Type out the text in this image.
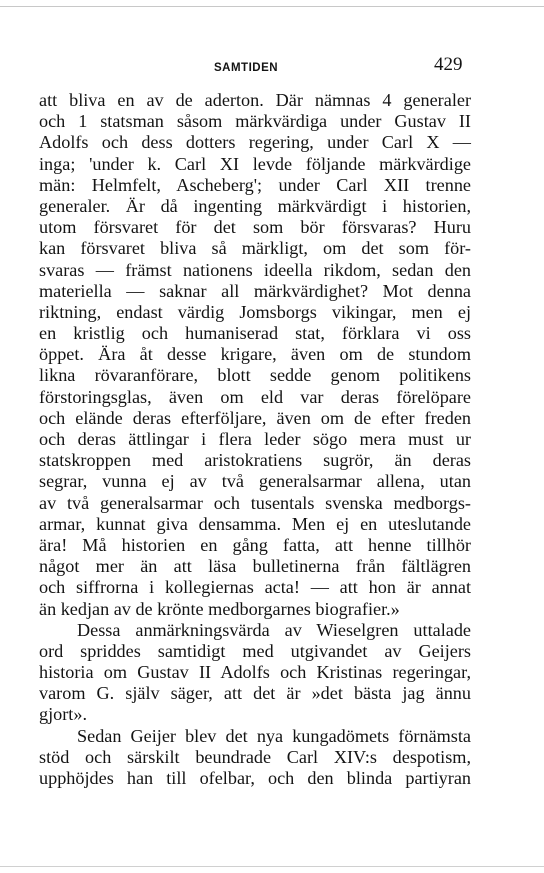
SAMTIDEN	429
att bliva en av de aderton. Där nämnas 4 generaler
och 1 statsman såsom märkvärdiga under Gustav II
Adolfs och dess dotters regering, under Carl X —
inga; 'under k. Carl XI levde följande märkvärdige
män: Helmfelt, Ascheberg'; under Carl XII trenne
generaler. Är då ingenting märkvärdigt i historien,
utom försvaret för det som bör försvaras? Huru
kan försvaret bliva så märkligt, om det som för-
svaras — främst nationens ideella rikdom, sedan den
materiella — saknar all märkvärdighet? Mot denna
riktning, endast värdig Jomsborgs vikingar, men ej
en kristlig och humaniserad stat, förklara vi oss
öppet. Ära åt desse krigare, även om de stundom
likna rövaranförare, blott sedde genom politikens
förstoringsglas, även om eld var deras förelöpare
och elände deras efterföljare, även om de efter freden
och deras ättlingar i flera leder sögo mera must ur
statskroppen med aristokratiens sugrör, än deras
segrar, vunna ej av två generalsarmar allena, utan
av två generalsarmar och tusentals svenska medborgs-
armar, kunnat giva densamma. Men ej en uteslutande
ära! Må historien en gång fatta, att henne tillhör
något mer än att läsa bulletinerna från fältlägren
och siffrorna i kollegiernas acta! — att hon är annat
än kedjan av de krönte medborgarnes biografier.»
Dessa anmärkningsvärda av Wieselgren uttalade
ord spriddes samtidigt med utgivandet av Geijers
historia om Gustav II Adolfs och Kristinas regeringar,
varom G. själv säger, att det är »det bästa jag ännu
gjort».
Sedan Geijer blev det nya kungadömets förnämsta
stöd och särskilt beundrade Carl XIV:s despotism,
upphöjdes han till ofelbar, och den blinda partiyran
